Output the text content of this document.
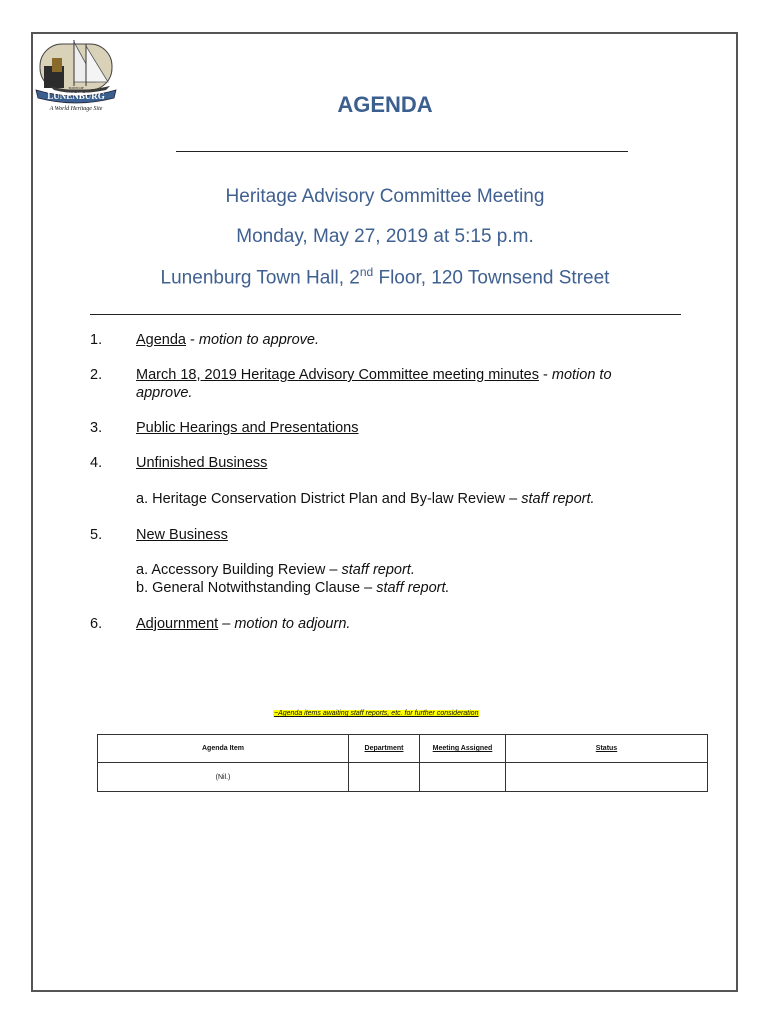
TOWN OF
LUNENBURG
A World Heritage Site	AGENDA
Heritage Advisory Committee Meeting
Monday, May 27, 2019 at 5:15 p.m.
Lunenburg Town Hall, 2nd Floor, 120 Townsend Street
1. Agenda - motion to approve.
2. March 18, 2019 Heritage Advisory Committee meeting minutes - motion to approve.
3. Public Hearings and Presentations
4. Unfinished Business
a. Heritage Conservation District Plan and By-law Review – staff report.
5. New Business
a. Accessory Building Review – staff report.
b. General Notwithstanding Clause – staff report.
6. Adjournment – motion to adjourn.
~Agenda items awaiting staff reports, etc. for further consideration
Agenda Item	Department	Meeting Assigned	Status
(Nil.)			
